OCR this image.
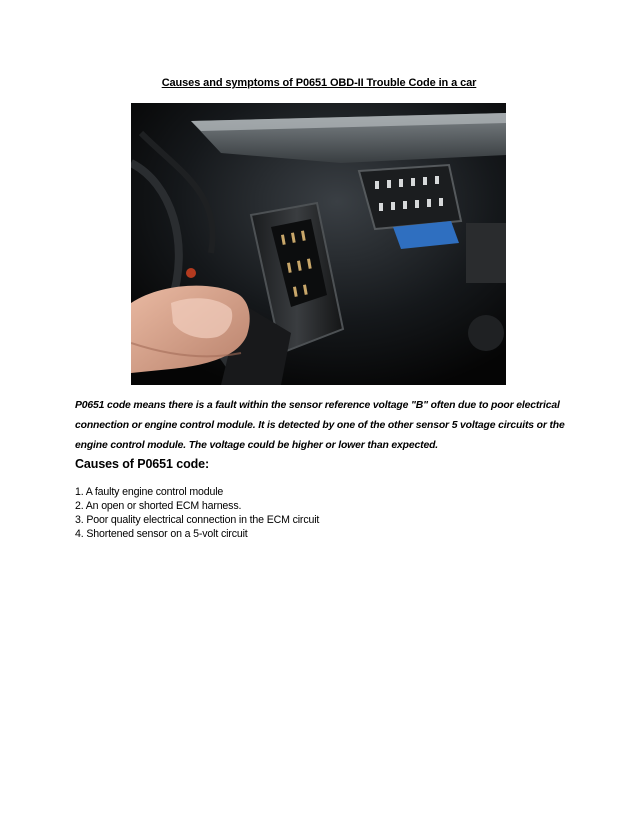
Causes and symptoms of P0651 OBD-II Trouble Code in a car
P0651 code means there is a fault within the sensor reference voltage "B" often due to poor electrical connection or engine control module. It is detected by one of the other sensor 5 voltage circuits or the engine control module. The voltage could be higher or lower than expected.
Causes of P0651 code:
1. A faulty engine control module
2. An open or shorted ECM harness.
3. Poor quality electrical connection in the ECM circuit
4. Shortened sensor on a 5-volt circuit
